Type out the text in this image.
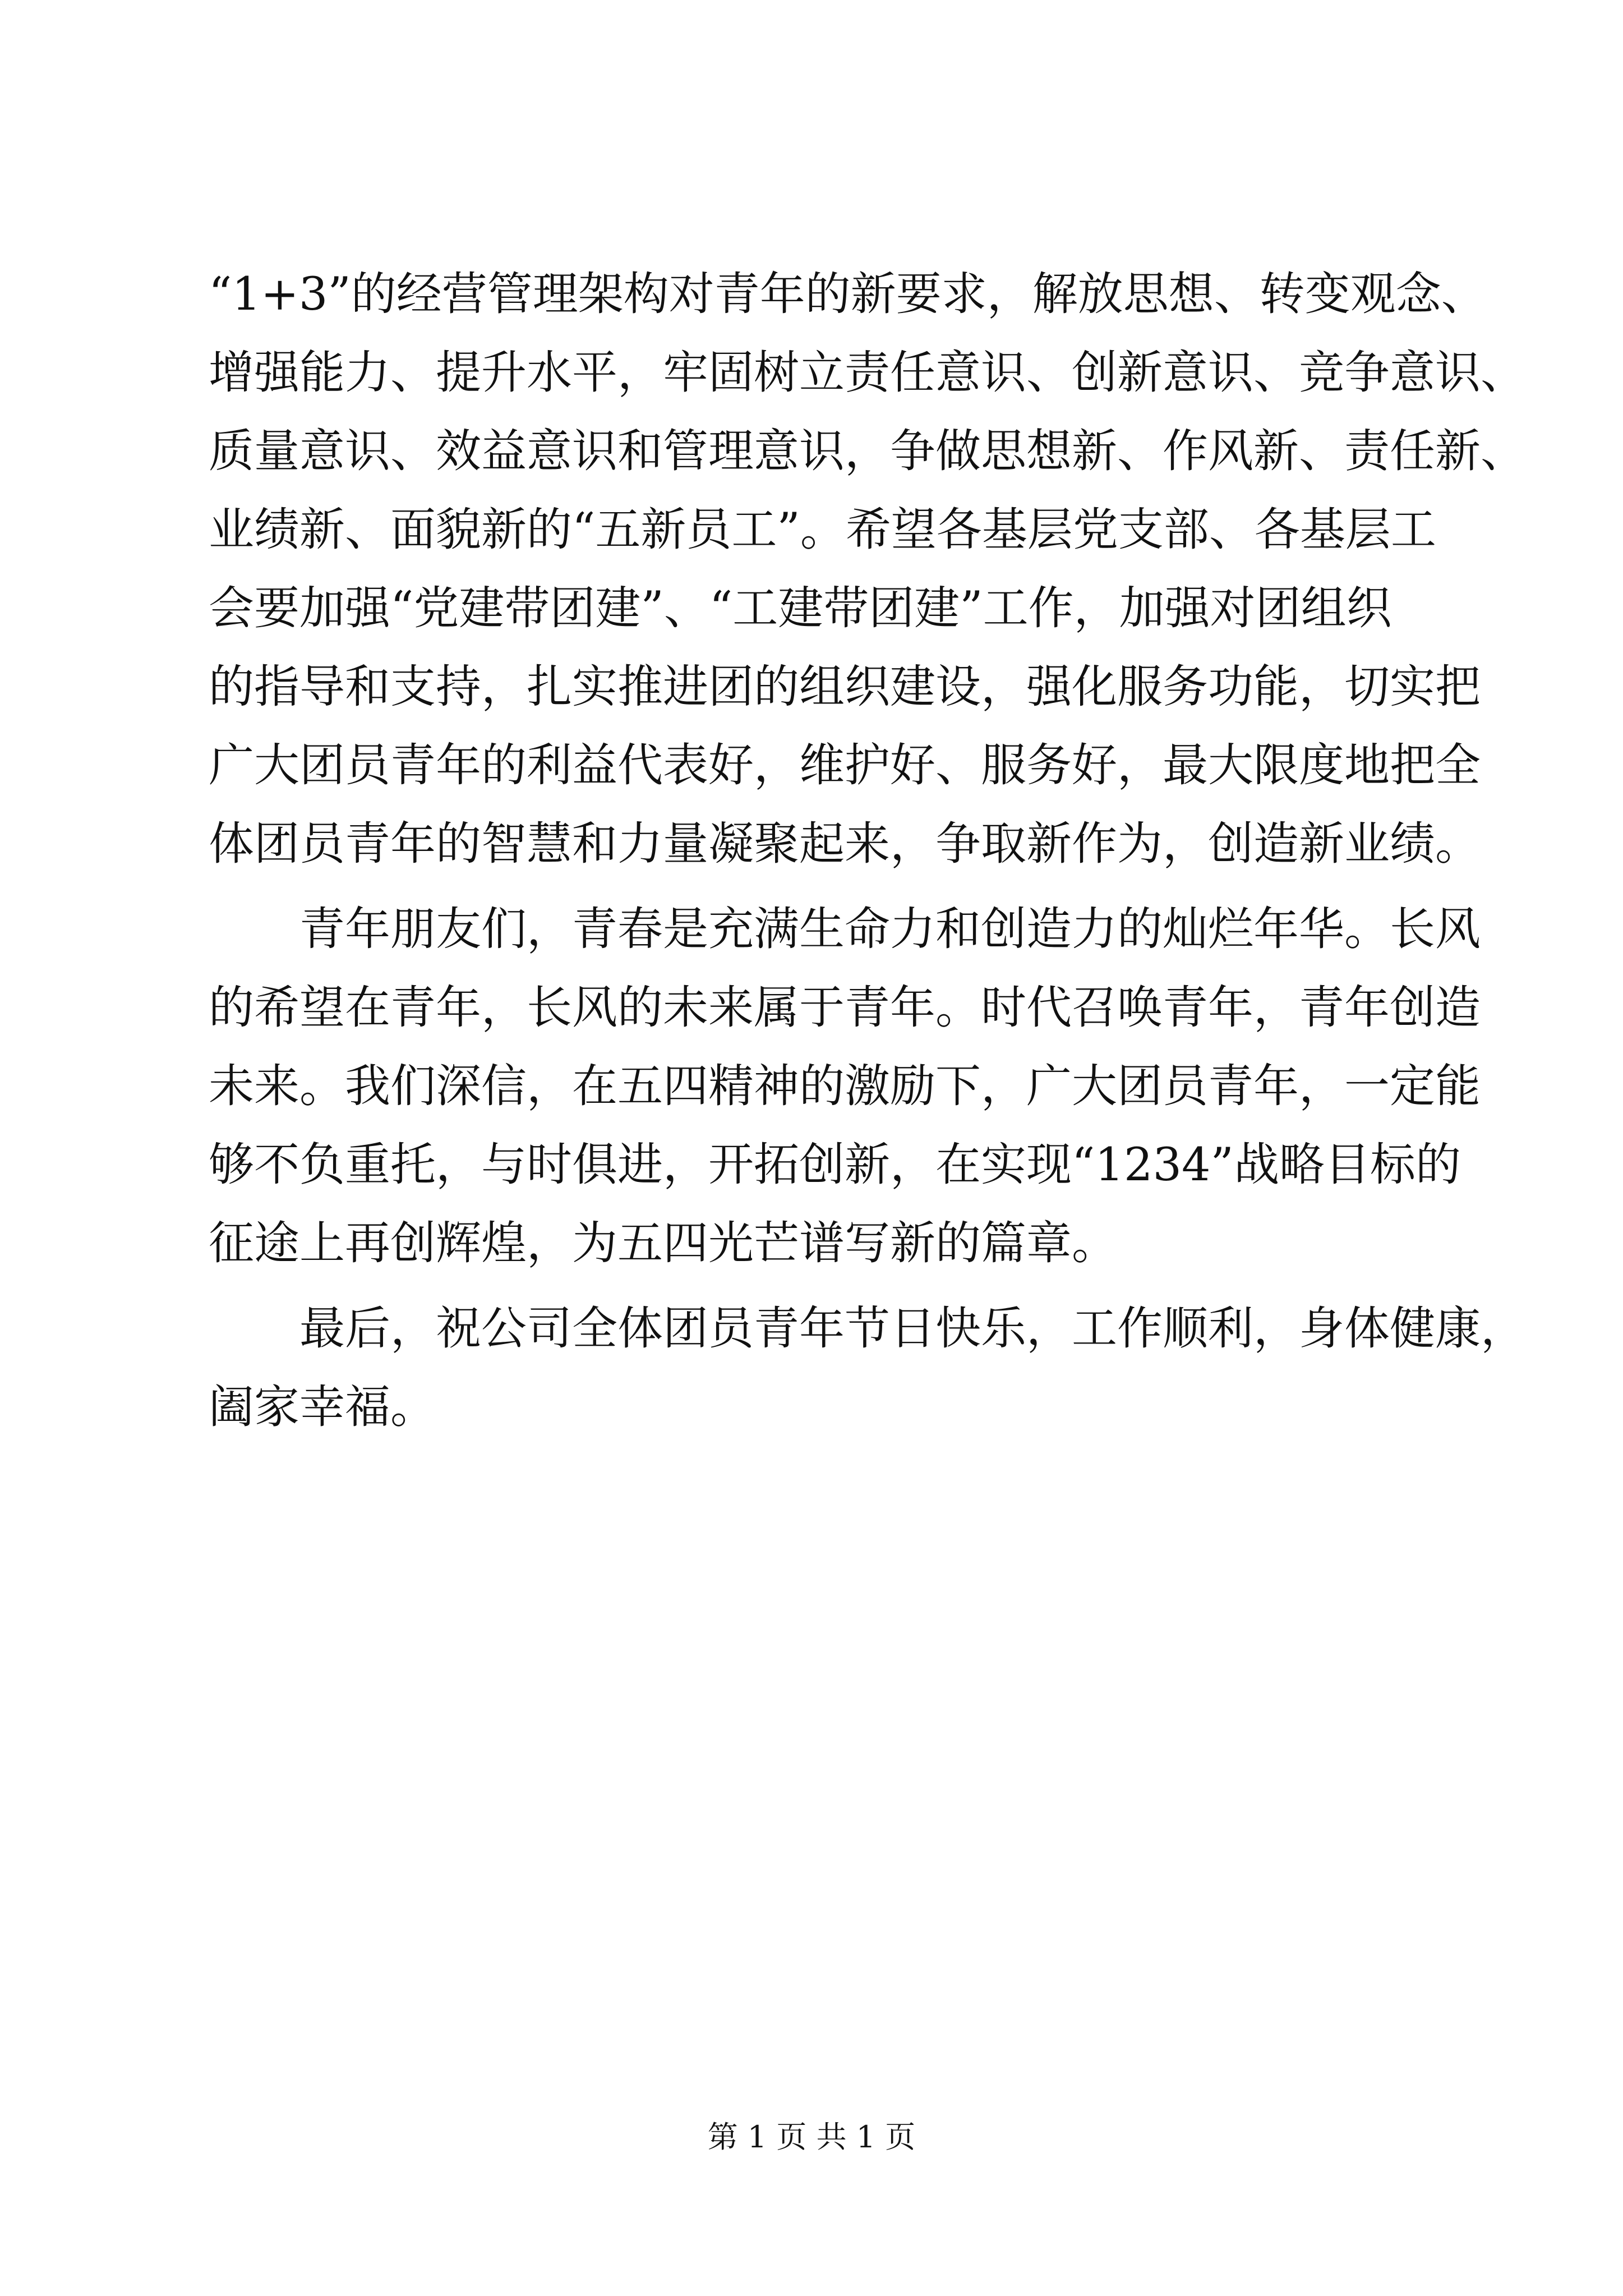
“1+3”的经营管理架构对青年的新要求，解放思想、转变观念、
增强能力、提升水平，牢固树立责任意识、创新意识、竞争意识、
质量意识、效益意识和管理意识，争做思想新、作风新、责任新、
业绩新、面貌新的“五新员工”。希望各基层党支部、各基层工
会要加强“党建带团建”、“工建带团建”工作，加强对团组织
的指导和支持，扎实推进团的组织建设，强化服务功能，切实把
广大团员青年的利益代表好，维护好、服务好，最大限度地把全
体团员青年的智慧和力量凝聚起来，争取新作为，创造新业绩。
　　青年朋友们，青春是充满生命力和创造力的灿烂年华。长风
的希望在青年，长风的未来属于青年。时代召唤青年，青年创造
未来。我们深信，在五四精神的激励下，广大团员青年，一定能
够不负重托，与时俱进，开拓创新，在实现“1234”战略目标的
征途上再创辉煌，为五四光芒谱写新的篇章。
　　最后，祝公司全体团员青年节日快乐，工作顺利，身体健康，
阖家幸福。
第 1 页 共 1 页
